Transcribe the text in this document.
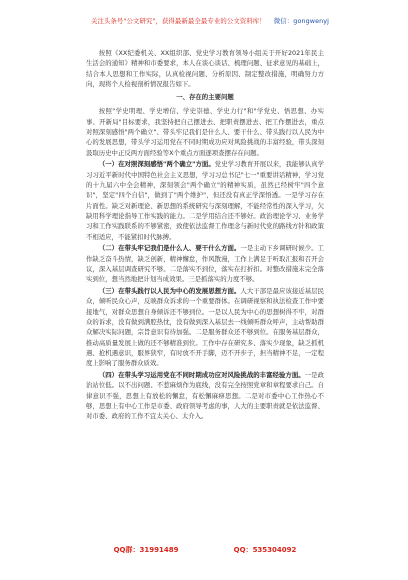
关注头条号"公文研究"，获得最新最全最专业的公文资料库！ 微信：gongwenyj

按照《XX纪委机关、XX组织部、党史学习教育领导小组关于开好2021年民主生活会的通知》精神和市委要求，本人在谈心谈话、梳理问题、征求意见的基础上，结合本人思想和工作实际，认真检视问题、分析原因、制定整改措施，明确努力方向，现将个人检视剖析情况报告如下。

一、存在的主要问题

按照"学史明理、学史增信、学史崇德、学史力行"和"学党史、悟思想、办实事、开新局"目标要求，我坚持把自己摆进去、把职责摆进去、把工作摆进去，重点对照深刻感悟"两个确立"、带头牢记我们是什么人、要干什么、带头践行以人民为中心的发展思想，带头学习运用党在不同时期成功应对风险挑战的丰富经验，带头深刻汲取历史中正反两方面经验等X个重点方面逐项查摆存在问题。

（一）在对照深刻感悟"两个确立"方面。党史学习教育开展以来，我能够认真学习习近平新时代中国特色社会主义思想，学习习总书记"七一"重要讲话精神，学习党的十九届六中全会精神，深刻领会"两个确立"的精神实质，虽然已经树牢"四个意识"，坚定"四个自信"，做到了"两个维护"，但还没有真正学深悟透。一是学习存在片面性。缺乏对新理论、新思想的系统研究与深刻理解，不能经常性的深入学习，欠缺用科学理论指导工作实践的能力。二是学用结合还不够好。政治理论学习、业务学习和工作实践联系的不够紧密，致使依法监督工作理念与新时代党的路线方针和政策不相适应，不能紧扣时代脉搏。

（二）在带头牢记我们是什么人、要干什么方面。一是主动下乡调研时候少。工作缺乏奋斗热情，缺乏创新，精神懈怠，作风散漫，工作上满足于听取汇报和召开会议，深入基层调查研究不够。二是落实不到位，落实在打折扣。对整改措施未完全落实到位，想当然地把计划当成效果。三是抓落实的力度不够。

（三）在带头践行以人民为中心的发展思想方面。人大干部是最应该接近基层民众，倾听民众心声，反映群众诉求的一个重要群体。在调研视察和执法检查工作中要接地气，对群众思想自身倾诉还不够到位。一是以人民为中心的思想树得不牢，对群众的诉求，没有做到满腔热忱，没有做到深入基层去一线倾听群众呼声，主动帮助群众解决实际问题，宗旨意识有待加强。二是服务群众还不够到位。在服务基层群众，推动高质量发展上做的还不够精准到位。工作中存在研究多、落实少现象，缺乏抓机遇、抢机遇意识，服界狭窄，有时放不开手脚，迈不开步子，担当精神不足，一定程度上影响了服务群众质效。

（四）在带头学习运用党在不同时期成功应对风险挑战的丰富经验方面。一是政治站位低。以不出问题、不惹麻烦作为底线，没有完全按照党章和章程要求自己。自律意识不强，思想上有放松的懈怠，有松懈麻痹思想。二是对市委中心工作热心不够，思想上有中心工作是市委、政府领导考虑的事，人大的主要职责就是依法监督、对市委、政府的工作不宜太关心、太介入。

QQ群：31991489	QQ：535304092
